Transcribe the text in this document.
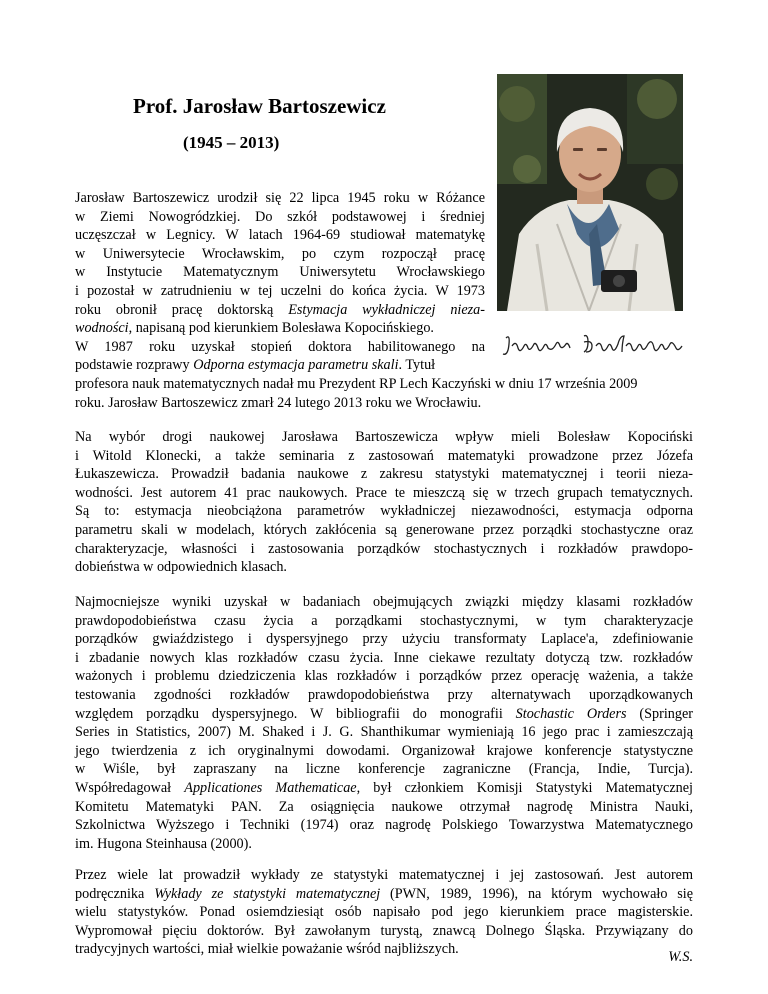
Prof. Jarosław Bartoszewicz

(1945 – 2013)

Jarosław Bartoszewicz urodził się 22 lipca 1945 roku w Różance
w Ziemi Nowogródzkiej. Do szkół podstawowej i średniej
uczęszczał w Legnicy. W latach 1964-69 studiował matematykę
w Uniwersytecie Wrocławskim, po czym rozpoczął pracę
w Instytucie Matematycznym Uniwersytetu Wrocławskiego
i pozostał w zatrudnieniu w tej uczelni do końca życia. W 1973
roku obronił pracę doktorską Estymacja wykładniczej nieza-
wodności, napisaną pod kierunkiem Bolesława Kopocińskiego.
W 1987 roku uzyskał stopień doktora habilitowanego na
podstawie rozprawy Odporna estymacja parametru skali. Tytuł
profesora nauk matematycznych nadał mu Prezydent RP Lech Kaczyński w dniu 17 września 2009
roku. Jarosław Bartoszewicz zmarł 24 lutego 2013 roku we Wrocławiu.
Na wybór drogi naukowej Jarosława Bartoszewicza wpływ mieli Bolesław Kopociński
i Witold Klonecki, a także seminaria z zastosowań matematyki prowadzone przez Józefa
Łukaszewicza. Prowadził badania naukowe z zakresu statystyki matematycznej i teorii nieza-
wodności. Jest autorem 41 prac naukowych. Prace te mieszczą się w trzech grupach tematycznych.
Są to: estymacja nieobciążona parametrów wykładniczej niezawodności, estymacja odporna
parametru skali w modelach, których zakłócenia są generowane przez porządki stochastyczne oraz
charakteryzacje, własności i zastosowania porządków stochastycznych i rozkładów prawdopo-
dobieństwa w odpowiednich klasach.
Najmocniejsze wyniki uzyskał w badaniach obejmujących związki między klasami rozkładów
prawdopodobieństwa czasu życia a porządkami stochastycznymi, w tym charakteryzacje
porządków gwiaździstego i dyspersyjnego przy użyciu transformaty Laplace'a, zdefiniowanie
i zbadanie nowych klas rozkładów czasu życia. Inne ciekawe rezultaty dotyczą tzw. rozkładów
ważonych i problemu dziedziczenia klas rozkładów i porządków przez operację ważenia, a także
testowania zgodności rozkładów prawdopodobieństwa przy alternatywach uporządkowanych
względem porządku dyspersyjnego. W bibliografii do monografii Stochastic Orders (Springer
Series in Statistics, 2007) M. Shaked i J. G. Shanthikumar wymieniają 16 jego prac i zamieszczają
jego twierdzenia z ich oryginalnymi dowodami. Organizował krajowe konferencje statystyczne
w Wiśle, był zapraszany na liczne konferencje zagraniczne (Francja, Indie, Turcja).
Współredagował Applicationes Mathematicae, był członkiem Komisji Statystyki Matematycznej
Komitetu Matematyki PAN. Za osiągnięcia naukowe otrzymał nagrodę Ministra Nauki,
Szkolnictwa Wyższego i Techniki (1974) oraz nagrodę Polskiego Towarzystwa Matematycznego
im. Hugona Steinhausa (2000).
Przez wiele lat prowadził wykłady ze statystyki matematycznej i jej zastosowań. Jest autorem
podręcznika Wykłady ze statystyki matematycznej (PWN, 1989, 1996), na którym wychowało się
wielu statystyków. Ponad osiemdziesiąt osób napisało pod jego kierunkiem prace magisterskie.
Wypromował pięciu doktorów. Był zawołanym turystą, znawcą Dolnego Śląska. Przywiązany do
tradycyjnych wartości, miał wielkie poważanie wśród najbliższych.	W.S.
